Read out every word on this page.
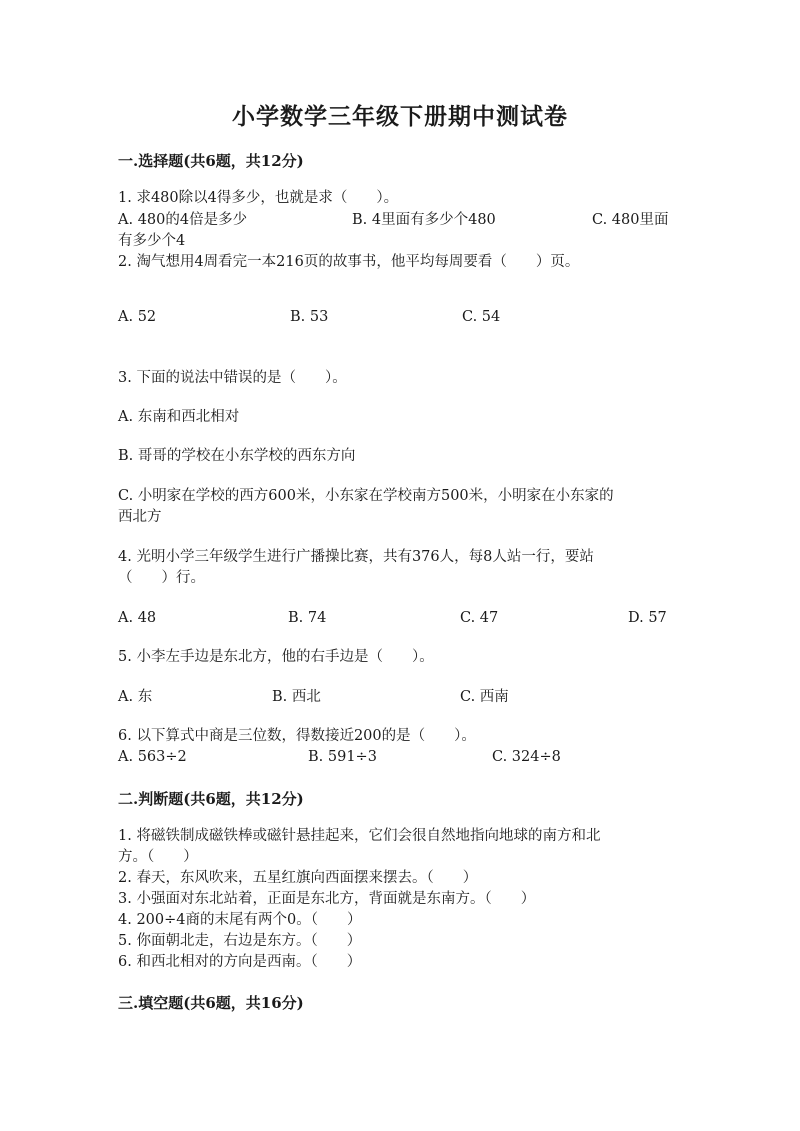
小学数学三年级下册期中测试卷
一.选择题(共6题，共12分)
1. 求480除以4得多少，也就是求（　　）。
A. 480的4倍是多少	B. 4里面有多少个480	C. 480里面
有多少个4
2. 淘气想用4周看完一本216页的故事书，他平均每周要看（　　）页。
A. 52	B. 53	C. 54
3. 下面的说法中错误的是（　　）。
A. 东南和西北相对
B. 哥哥的学校在小东学校的西东方向
C. 小明家在学校的西方600米，小东家在学校南方500米，小明家在小东家的
西北方
4. 光明小学三年级学生进行广播操比赛，共有376人，每8人站一行，要站
（　　）行。
A. 48	B. 74	C. 47	D. 57
5. 小李左手边是东北方，他的右手边是（　　）。
A. 东	B. 西北	C. 西南
6. 以下算式中商是三位数，得数接近200的是（　　）。
A. 563÷2	B. 591÷3	C. 324÷8
二.判断题(共6题，共12分)
1. 将磁铁制成磁铁棒或磁针悬挂起来，它们会很自然地指向地球的南方和北
方。（　　）
2. 春天，东风吹来，五星红旗向西面摆来摆去。（　　）
3. 小强面对东北站着，正面是东北方，背面就是东南方。（　　）
4. 200÷4商的末尾有两个0。（　　）
5. 你面朝北走，右边是东方。（　　）
6. 和西北相对的方向是西南。（　　）
三.填空题(共6题，共16分)
